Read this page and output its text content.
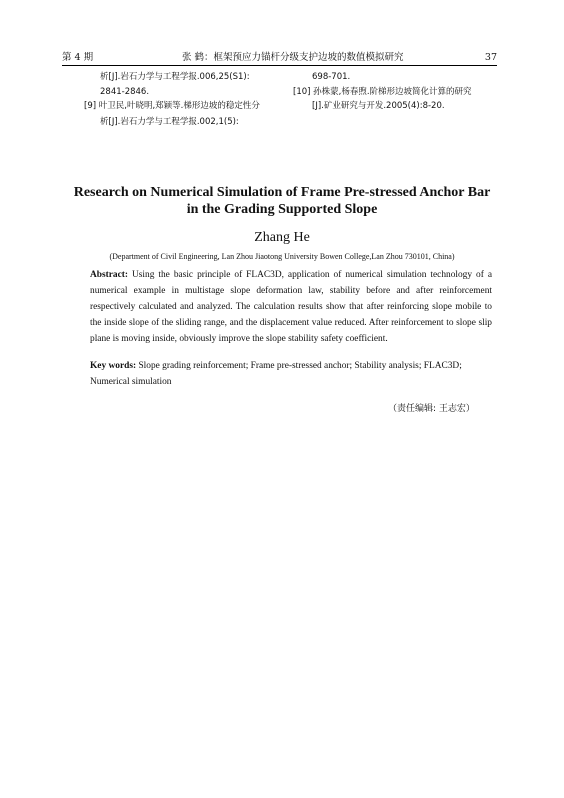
第 4 期	张 鹤：框架预应力锚杆分级支护边坡的数值模拟研究	37
析[J].岩石力学与工程学报.006,25(S1):
2841-2846.
[9] 叶卫民,叶晓明,郑颖等.梯形边坡的稳定性分
析[J].岩石力学与工程学报.002,1(5):
698-701.
[10] 孙株蒙,杨春煦.阶梯形边坡简化计算的研究
[J].矿业研究与开发.2005(4):8-20.
Research on Numerical Simulation of Frame Pre-stressed Anchor Bar
in the Grading Supported Slope
Zhang He
(Department of Civil Engineering, Lan Zhou Jiaotong University Bowen College,Lan Zhou 730101, China)
Abstract: Using the basic principle of FLAC3D, application of numerical simulation technology of a numerical example in multistage slope deformation law, stability before and after reinforcement respectively calculated and analyzed. The calculation results show that after reinforcing slope mobile to the inside slope of the sliding range, and the displacement value reduced. After reinforcement to slope slip plane is moving inside, obviously improve the slope stability safety coefficient.
Key words: Slope grading reinforcement; Frame pre-stressed anchor; Stability analysis; FLAC3D; Numerical simulation
（责任编辑: 王志宏）
